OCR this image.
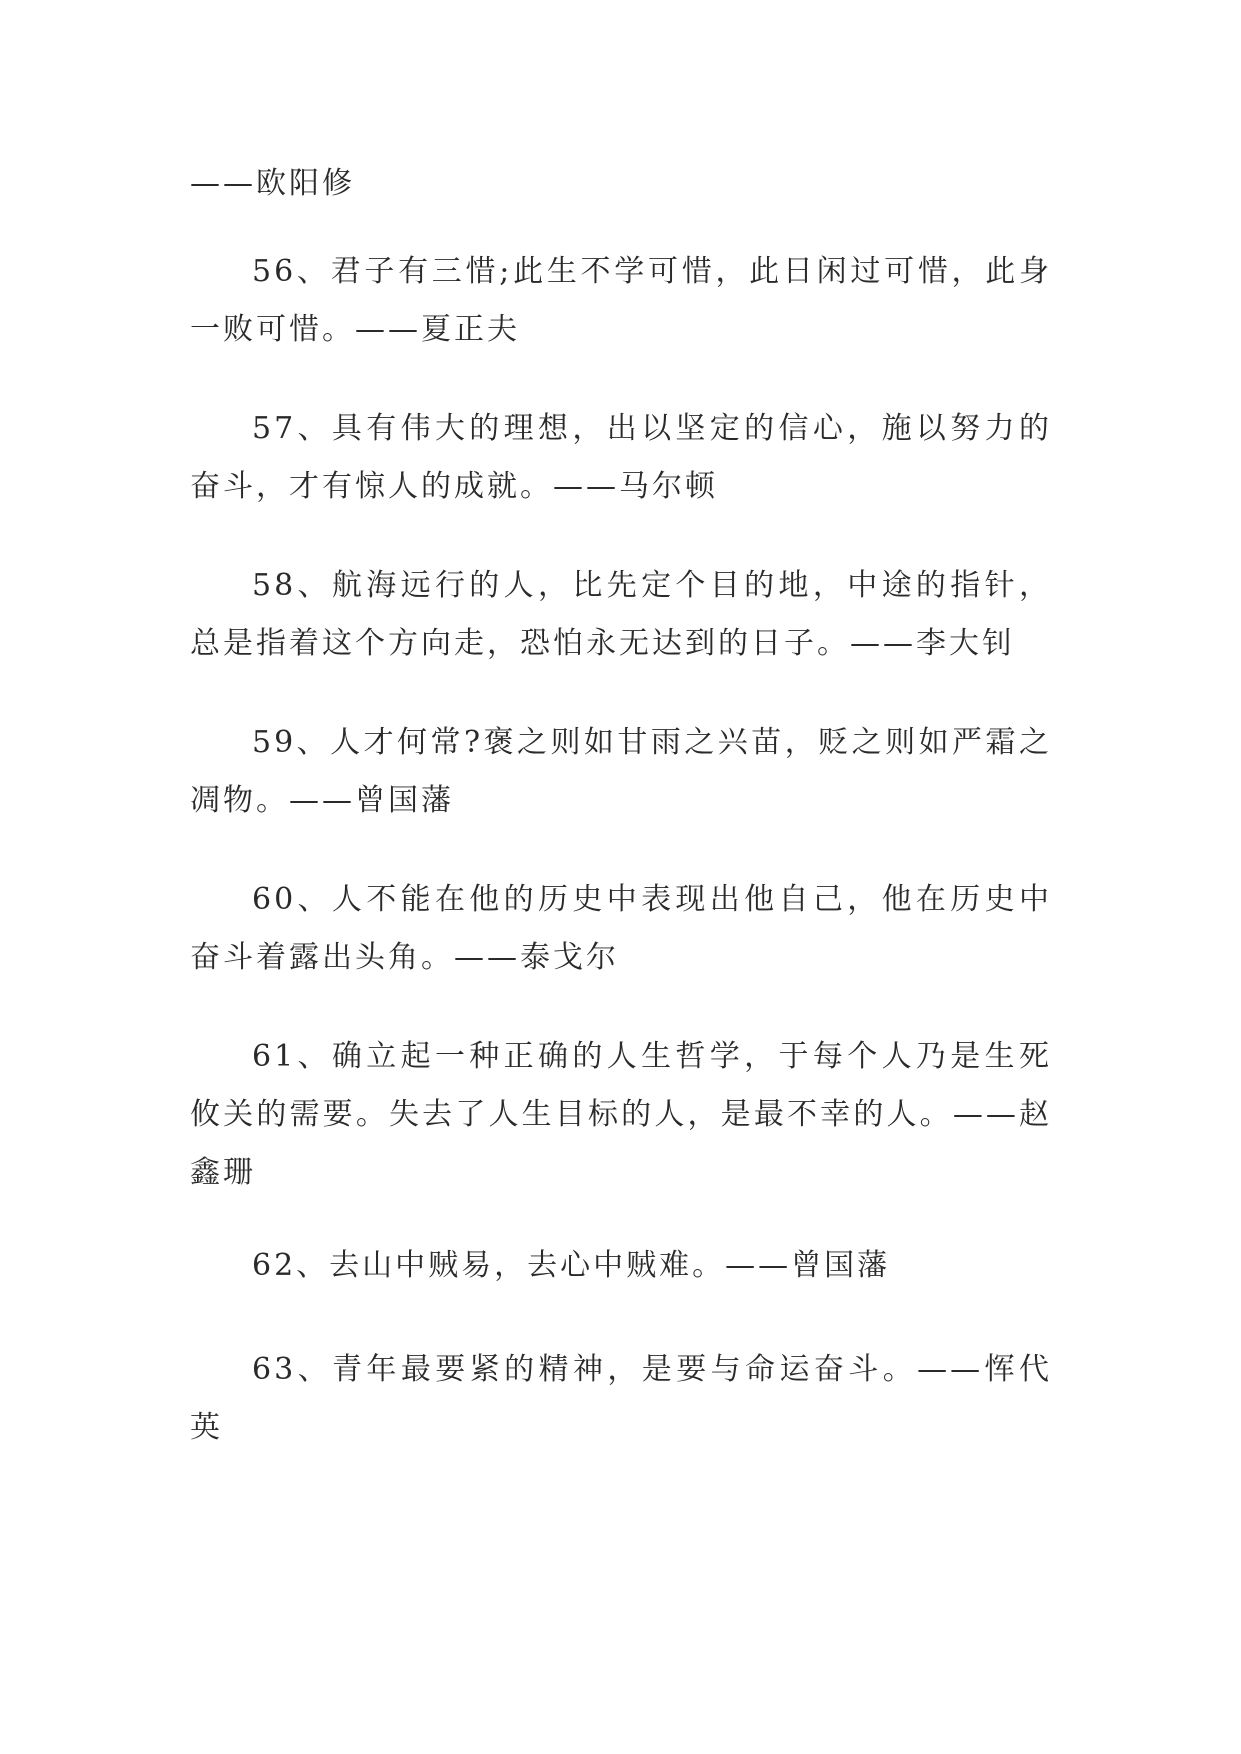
——欧阳修

56、君子有三惜;此生不学可惜，此日闲过可惜，此身一败可惜。——夏正夫

57、具有伟大的理想，出以坚定的信心，施以努力的奋斗，才有惊人的成就。——马尔顿

58、航海远行的人，比先定个目的地，中途的指针，总是指着这个方向走，恐怕永无达到的日子。——李大钊

59、人才何常?褒之则如甘雨之兴苗，贬之则如严霜之凋物。——曾国藩

60、人不能在他的历史中表现出他自己，他在历史中奋斗着露出头角。——泰戈尔

61、确立起一种正确的人生哲学，于每个人乃是生死攸关的需要。失去了人生目标的人，是最不幸的人。——赵鑫珊

62、去山中贼易，去心中贼难。——曾国藩

63、青年最要紧的精神，是要与命运奋斗。——恽代英
